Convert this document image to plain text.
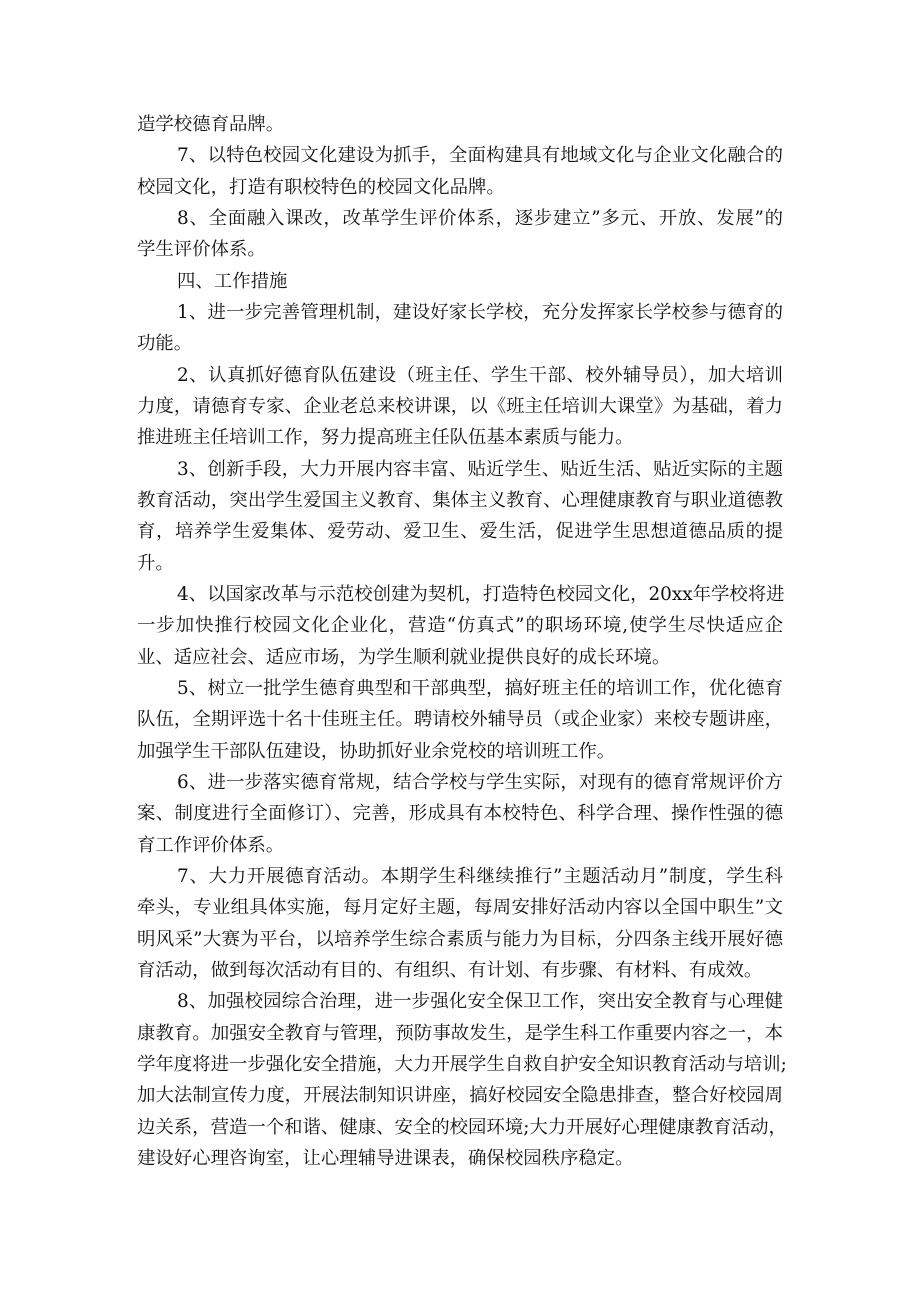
造学校德育品牌。
7、以特色校园文化建设为抓手，全面构建具有地域文化与企业文化融合的
校园文化，打造有职校特色的校园文化品牌。
8、全面融入课改，改革学生评价体系，逐步建立”多元、开放、发展”的
学生评价体系。
四、工作措施
1、进一步完善管理机制，建设好家长学校，充分发挥家长学校参与德育的
功能。
2、认真抓好德育队伍建设（班主任、学生干部、校外辅导员），加大培训
力度，请德育专家、企业老总来校讲课，以《班主任培训大课堂》为基础，着力
推进班主任培训工作，努力提高班主任队伍基本素质与能力。
3、创新手段，大力开展内容丰富、贴近学生、贴近生活、贴近实际的主题
教育活动，突出学生爱国主义教育、集体主义教育、心理健康教育与职业道德教
育，培养学生爱集体、爱劳动、爱卫生、爱生活，促进学生思想道德品质的提
升。
4、以国家改革与示范校创建为契机，打造特色校园文化，20xx年学校将进
一步加快推行校园文化企业化，营造“仿真式”的职场环境,使学生尽快适应企
业、适应社会、适应市场，为学生顺利就业提供良好的成长环境。
5、树立一批学生德育典型和干部典型，搞好班主任的培训工作，优化德育
队伍，全期评选十名十佳班主任。聘请校外辅导员（或企业家）来校专题讲座，
加强学生干部队伍建设，协助抓好业余党校的培训班工作。
6、进一步落实德育常规，结合学校与学生实际，对现有的德育常规评价方
案、制度进行全面修订）、完善，形成具有本校特色、科学合理、操作性强的德
育工作评价体系。
7、大力开展德育活动。本期学生科继续推行”主题活动月”制度，学生科
牵头，专业组具体实施，每月定好主题，每周安排好活动内容以全国中职生”文
明风采”大赛为平台，以培养学生综合素质与能力为目标，分四条主线开展好德
育活动，做到每次活动有目的、有组织、有计划、有步骤、有材料、有成效。
8、加强校园综合治理，进一步强化安全保卫工作，突出安全教育与心理健
康教育。加强安全教育与管理，预防事故发生，是学生科工作重要内容之一，本
学年度将进一步强化安全措施，大力开展学生自救自护安全知识教育活动与培训;
加大法制宣传力度，开展法制知识讲座，搞好校园安全隐患排查，整合好校园周
边关系，营造一个和谐、健康、安全的校园环境;大力开展好心理健康教育活动，
建设好心理咨询室，让心理辅导进课表，确保校园秩序稳定。
